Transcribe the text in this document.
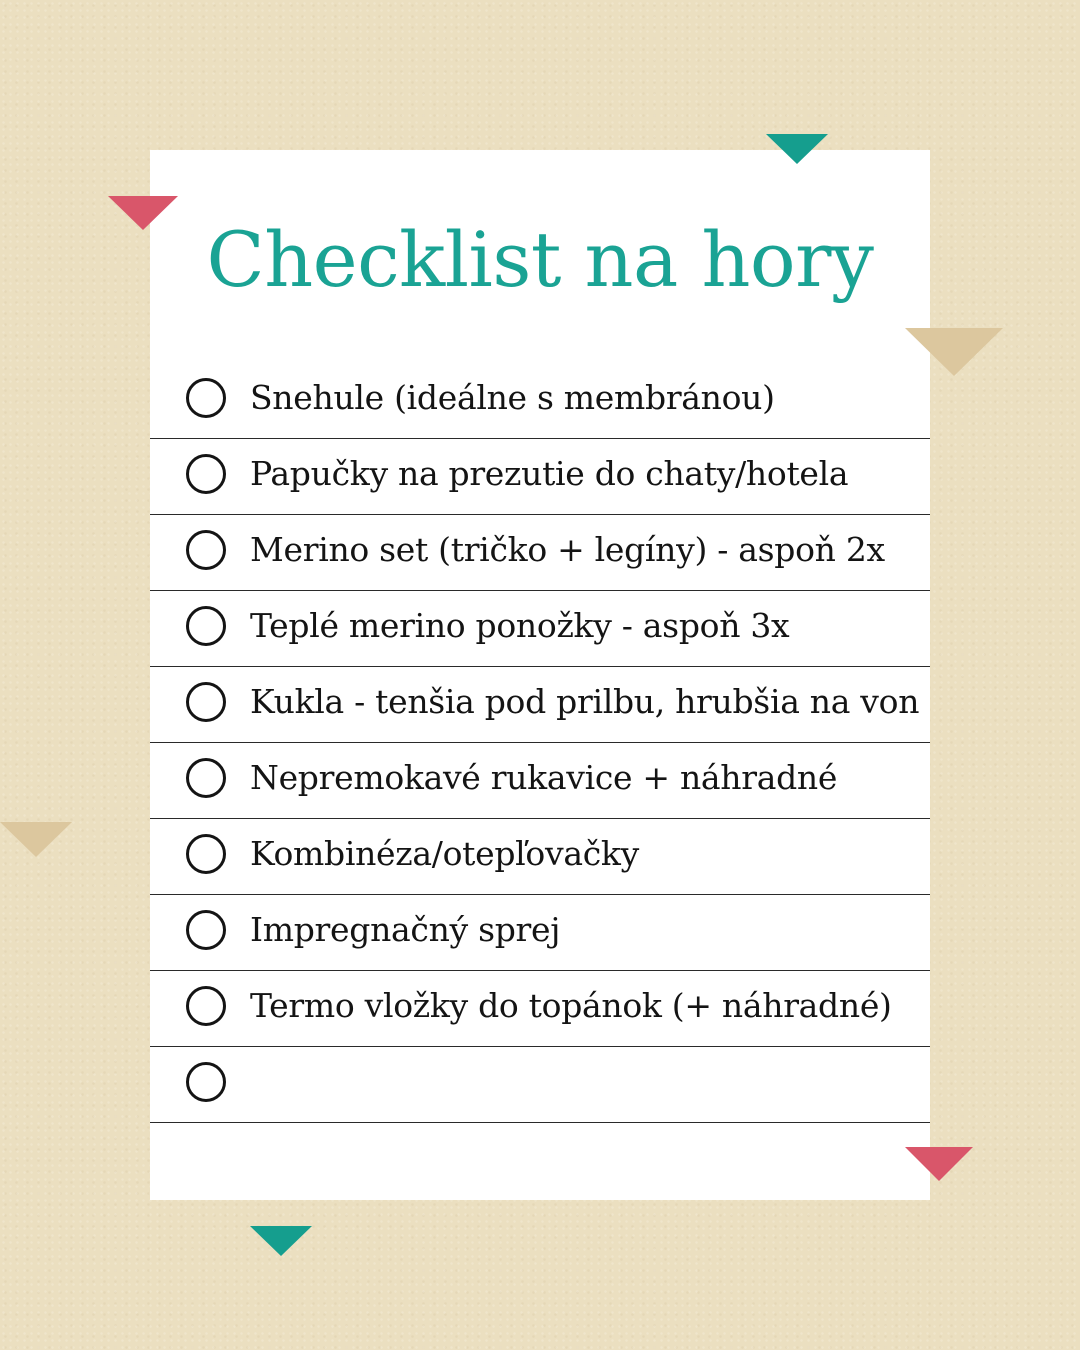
Checklist na hory
Snehule (ideálne s membránou)
Papučky na prezutie do chaty/hotela
Merino set (tričko + legíny) - aspoň 2x
Teplé merino ponožky - aspoň 3x
Kukla - tenšia pod prilbu, hrubšia na von
Nepremokavé rukavice + náhradné
Kombinéza/otepľovačky
Impregnačný sprej
Termo vložky do topánok (+ náhradné)
